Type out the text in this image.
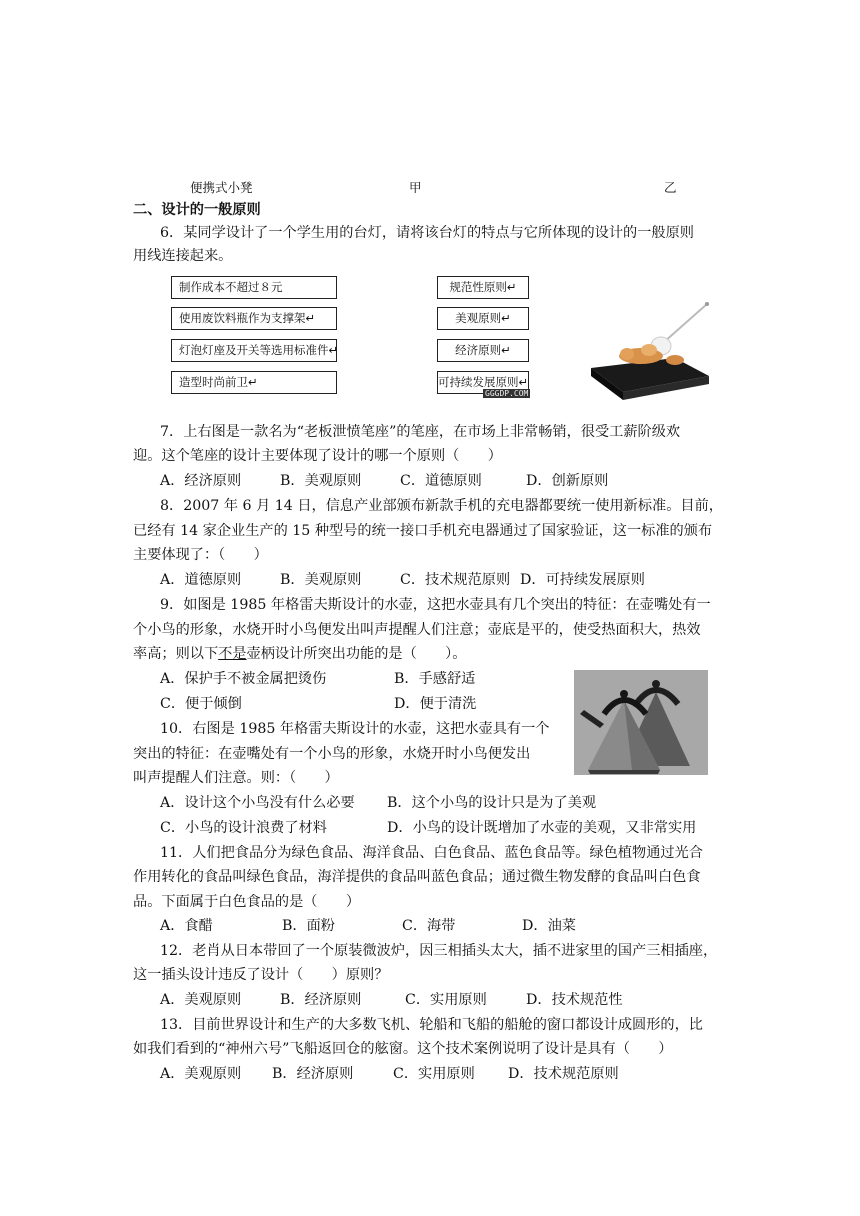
便携式小凳	甲	乙
二、设计的一般原则
6．某同学设计了一个学生用的台灯，请将该台灯的特点与它所体现的设计的一般原则
用线连接起来。
制作成本不超过８元
使用废饮料瓶作为支撑架↵
灯泡灯座及开关等选用标准件↵
造型时尚前卫↵
规范性原则↵
美观原则↵
经济原则↵
可持续发展原则↵
GGGDP.COM
7．上右图是一款名为“老板泄愤笔座”的笔座，在市场上非常畅销，很受工薪阶级欢
迎。这个笔座的设计主要体现了设计的哪一个原则（　　）
A．经济原则	B．美观原则	C．道德原则	D．创新原则
8．2007 年 6 月 14 日，信息产业部颁布新款手机的充电器都要统一使用新标准。目前，
已经有 14 家企业生产的 15 种型号的统一接口手机充电器通过了国家验证，这一标准的颁布
主要体现了：（　　）
A．道德原则	B．美观原则	C．技术规范原则 D．可持续发展原则
9．如图是 1985 年格雷夫斯设计的水壶，这把水壶具有几个突出的特征：在壶嘴处有一
个小鸟的形象，水烧开时小鸟便发出叫声提醒人们注意；壶底是平的，使受热面积大，热效
率高；则以下不是壶柄设计所突出功能的是（　　）。
A．保护手不被金属把烫伤	B．手感舒适
C．便于倾倒	D．便于清洗
10．右图是 1985 年格雷夫斯设计的水壶，这把水壶具有一个
突出的特征：在壶嘴处有一个小鸟的形象，水烧开时小鸟便发出
叫声提醒人们注意。则：（　　）
A．设计这个小鸟没有什么必要 B．这个小鸟的设计只是为了美观
C．小鸟的设计浪费了材料	D．小鸟的设计既增加了水壶的美观，又非常实用
11．人们把食品分为绿色食品、海洋食品、白色食品、蓝色食品等。绿色植物通过光合
作用转化的食品叫绿色食品，海洋提供的食品叫蓝色食品；通过微生物发酵的食品叫白色食
品。下面属于白色食品的是（　　）
A．食醋	B．面粉	C．海带	D．油菜
12．老肖从日本带回了一个原装微波炉，因三相插头太大，插不进家里的国产三相插座，
这一插头设计违反了设计（　　）原则？
A．美观原则	B．经济原则	C．实用原则	D．技术规范性
13．目前世界设计和生产的大多数飞机、轮船和飞船的船舱的窗口都设计成圆形的，比
如我们看到的“神州六号”飞船返回仓的舷窗。这个技术案例说明了设计是具有（　　）
A．美观原则 B．经济原则	C．实用原则 D．技术规范原则
